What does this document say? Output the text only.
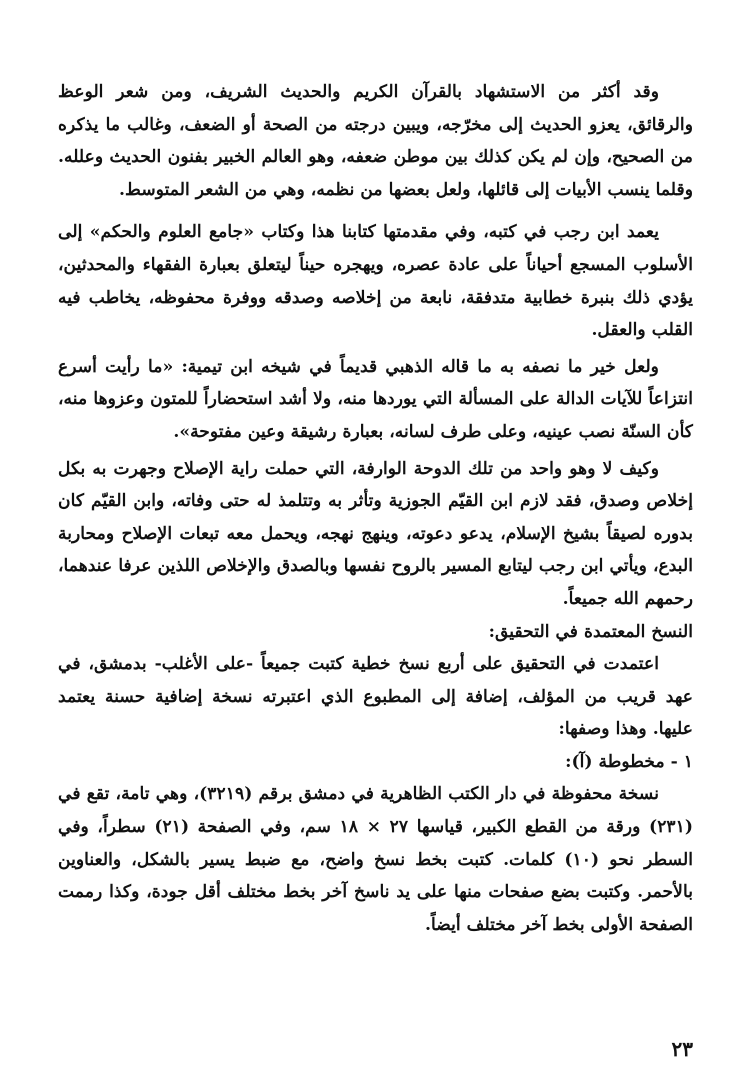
وقد أكثر من الاستشهاد بالقرآن الكريم والحديث الشريف، ومن شعر الوعظ والرقائق، يعزو الحديث إلى مخرّجه، ويبين درجته من الصحة أو الضعف، وغالب ما يذكره من الصحيح، وإن لم يكن كذلك بين موطن ضعفه، وهو العالم الخبير بفنون الحديث وعلله. وقلما ينسب الأبيات إلى قائلها، ولعل بعضها من نظمه، وهي من الشعر المتوسط.

يعمد ابن رجب في كتبه، وفي مقدمتها كتابنا هذا وكتاب «جامع العلوم والحكم» إلى الأسلوب المسجع أحياناً على عادة عصره، ويهجره حيناً ليتعلق بعبارة الفقهاء والمحدثين، يؤدي ذلك بنبرة خطابية متدفقة، نابعة من إخلاصه وصدقه ووفرة محفوظه، يخاطب فيه القلب والعقل.

ولعل خير ما نصفه به ما قاله الذهبي قديماً في شيخه ابن تيمية: «ما رأيت أسرع انتزاعاً للآيات الدالة على المسألة التي يوردها منه، ولا أشد استحضاراً للمتون وعزوها منه، كأن السنّة نصب عينيه، وعلى طرف لسانه، بعبارة رشيقة وعين مفتوحة».

وكيف لا وهو واحد من تلك الدوحة الوارفة، التي حملت راية الإصلاح وجهرت به بكل إخلاص وصدق، فقد لازم ابن القيّم الجوزية وتأثر به وتتلمذ له حتى وفاته، وابن القيّم كان بدوره لصيقاً بشيخ الإسلام، يدعو دعوته، وينهج نهجه، ويحمل معه تبعات الإصلاح ومحاربة البدع، ويأتي ابن رجب ليتابع المسير بالروح نفسها وبالصدق والإخلاص اللذين عرفا عندهما، رحمهم الله جميعاً.

النسخ المعتمدة في التحقيق:

اعتمدت في التحقيق على أربع نسخ خطية كتبت جميعاً -على الأغلب- بدمشق، في عهد قريب من المؤلف، إضافة إلى المطبوع الذي اعتبرته نسخة إضافية حسنة يعتمد عليها. وهذا وصفها:

١ - مخطوطة (آ):

نسخة محفوظة في دار الكتب الظاهرية في دمشق برقم (٣٢١٩)، وهي تامة، تقع في (٢٣١) ورقة من القطع الكبير، قياسها ٢٧ × ١٨ سم، وفي الصفحة (٢١) سطراً، وفي السطر نحو (١٠) كلمات. كتبت بخط نسخ واضح، مع ضبط يسير بالشكل، والعناوين بالأحمر. وكتبت بضع صفحات منها على يد ناسخ آخر بخط مختلف أقل جودة، وكذا رممت الصفحة الأولى بخط آخر مختلف أيضاً.

٢٣
